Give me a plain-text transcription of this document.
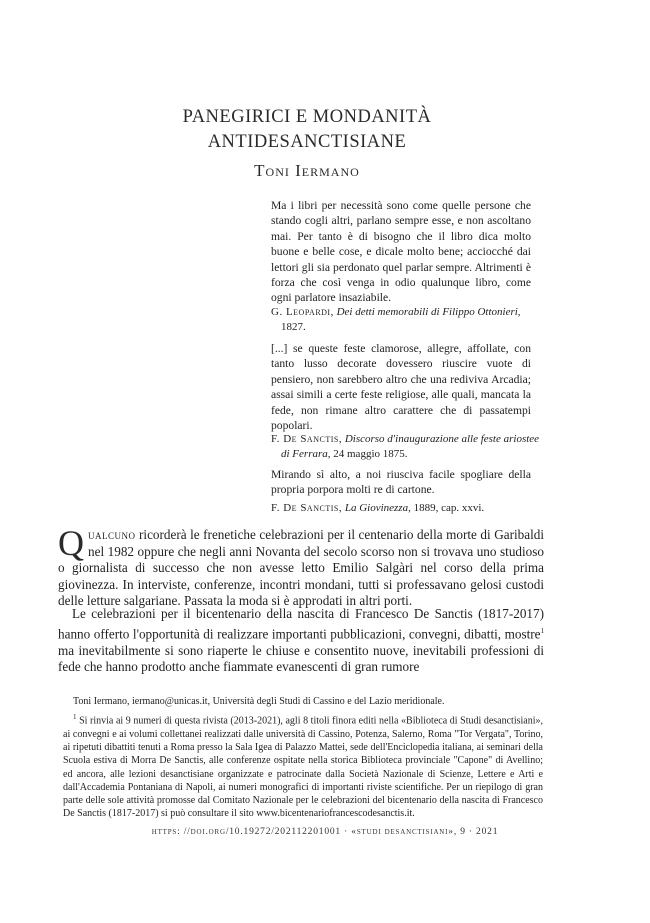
PANEGIRICI E MONDANITÀ
ANTIDESANCTISIANE
Toni Iermano
Ma i libri per necessità sono come quelle persone che stando cogli altri, parlano sempre esse, e non ascoltano mai. Per tanto è di bisogno che il libro dica molto buone e belle cose, e dicale molto bene; acciocché dai lettori gli sia perdonato quel parlar sempre. Altrimenti è forza che così venga in odio qualunque libro, come ogni parlatore insaziabile.
G. Leopardi, Dei detti memorabili di Filippo Ottonieri, 1827.
[...] se queste feste clamorose, allegre, affollate, con tanto lusso decorate dovessero riuscire vuote di pensiero, non sarebbero altro che una rediviva Arcadia; assai simili a certe feste religiose, alle quali, mancata la fede, non rimane altro carattere che di passatempi popolari.
F. De Sanctis, Discorso d'inaugurazione alle feste ariostee di Ferrara, 24 maggio 1875.
Mirando sì alto, a noi riusciva facile spogliare della propria porpora molti re di cartone.
F. De Sanctis, La Giovinezza, 1889, cap. xxvi.
Qualcuno ricorderà le frenetiche celebrazioni per il centenario della morte di Garibaldi nel 1982 oppure che negli anni Novanta del secolo scorso non si trovava uno studioso o giornalista di successo che non avesse letto Emilio Salgàri nel corso della prima giovinezza. In interviste, conferenze, incontri mondani, tutti si professavano gelosi custodi delle letture salgariane. Passata la moda si è approdati in altri porti.
Le celebrazioni per il bicentenario della nascita di Francesco De Sanctis (1817-2017) hanno offerto l'opportunità di realizzare importanti pubblicazioni, convegni, dibatti, mostre$^1$ ma inevitabilmente si sono riaperte le chiuse e consentito nuove, inevitabili professioni di fede che hanno prodotto anche fiammate evanescenti di gran rumore
Toni Iermano, iermano@unicas.it, Università degli Studi di Cassino e del Lazio meridionale.
$^1$ Si rinvia ai 9 numeri di questa rivista (2013-2021), agli 8 titoli finora editi nella «Biblioteca di Studi desanctisiani», ai convegni e ai volumi collettanei realizzati dalle università di Cassino, Potenza, Salerno, Roma "Tor Vergata", Torino, ai ripetuti dibattiti tenuti a Roma presso la Sala Igea di Palazzo Mattei, sede dell'Enciclopedia italiana, ai seminari della Scuola estiva di Morra De Sanctis, alle conferenze ospitate nella storica Biblioteca provinciale "Capone" di Avellino; ed ancora, alle lezioni desanctisiane organizzate e patrocinate dalla Società Nazionale di Scienze, Lettere e Arti e dall'Accademia Pontaniana di Napoli, ai numeri monografici di importanti riviste scientifiche. Per un riepilogo di gran parte delle sole attività promosse dal Comitato Nazionale per le celebrazioni del bicentenario della nascita di Francesco De Sanctis (1817-2017) si può consultare il sito www.bicentenariofrancescodesanctis.it.
https: //doi.org/10.19272/202112201001 · «studi desanctisiani», 9 · 2021
